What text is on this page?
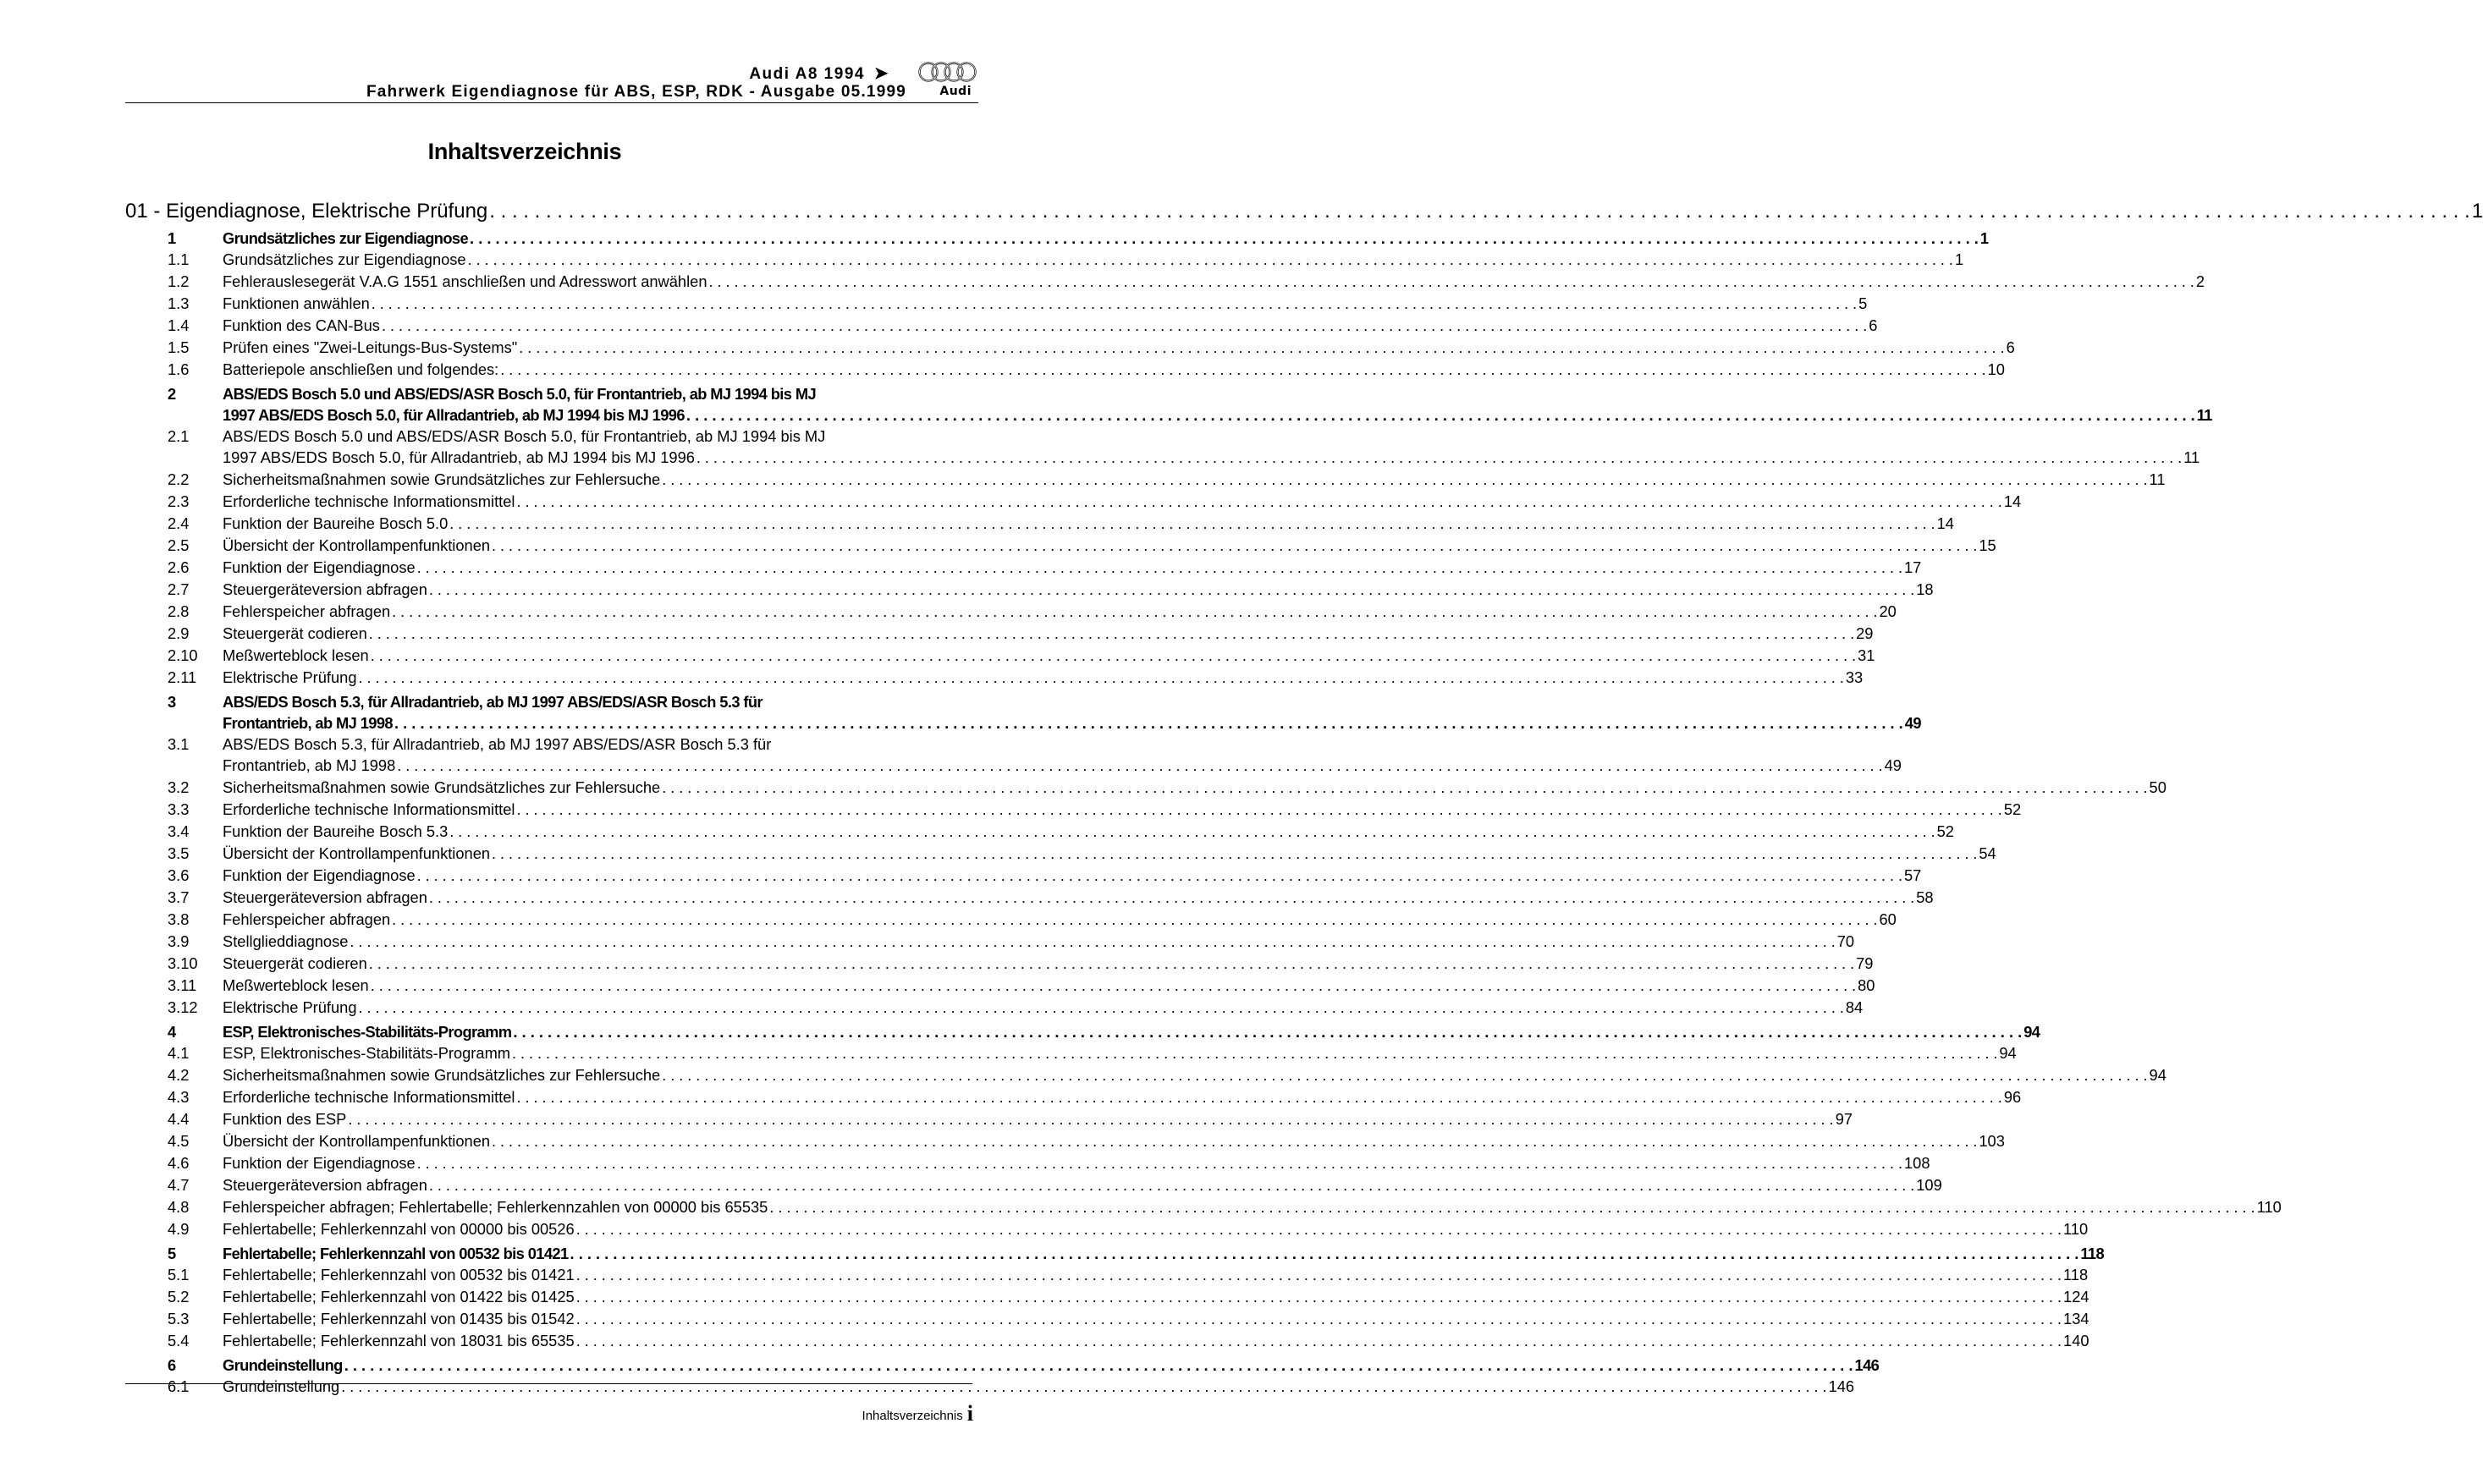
Audi A8 1994 ➤
Fahrwerk Eigendiagnose für ABS, ESP, RDK - Ausgabe 05.1999	Audi
Inhaltsverzeichnis
01 - Eigendiagnose, Elektrische Prüfung . . .	1
1	Grundsätzliches zur Eigendiagnose . . .	1
1.1	Grundsätzliches zur Eigendiagnose . . .	1
1.2	Fehlerauslesegerät V.A.G 1551 anschließen und Adresswort anwählen . . .	2
1.3	Funktionen anwählen . . .	5
1.4	Funktion des CAN-Bus . . .	6
1.5	Prüfen eines "Zwei-Leitungs-Bus-Systems" . . .	6
1.6	Batteriepole anschließen und folgendes: . . .	10
2	ABS/EDS Bosch 5.0 und ABS/EDS/ASR Bosch 5.0, für Frontantrieb, ab MJ 1994 bis MJ
1997 ABS/EDS Bosch 5.0, für Allradantrieb, ab MJ 1994 bis MJ 1996 . . .	11
2.1	ABS/EDS Bosch 5.0 und ABS/EDS/ASR Bosch 5.0, für Frontantrieb, ab MJ 1994 bis MJ
1997 ABS/EDS Bosch 5.0, für Allradantrieb, ab MJ 1994 bis MJ 1996 . . .	11
2.2	Sicherheitsmaßnahmen sowie Grundsätzliches zur Fehlersuche . . .	11
2.3	Erforderliche technische Informationsmittel . . .	14
2.4	Funktion der Baureihe Bosch 5.0 . . .	14
2.5	Übersicht der Kontrollampenfunktionen . . .	15
2.6	Funktion der Eigendiagnose . . .	17
2.7	Steuergeräteversion abfragen . . .	18
2.8	Fehlerspeicher abfragen . . .	20
2.9	Steuergerät codieren . . .	29
2.10	Meßwerteblock lesen . . .	31
2.11	Elektrische Prüfung . . .	33
3	ABS/EDS Bosch 5.3, für Allradantrieb, ab MJ 1997 ABS/EDS/ASR Bosch 5.3 für
Frontantrieb, ab MJ 1998 . . .	49
3.1	ABS/EDS Bosch 5.3, für Allradantrieb, ab MJ 1997 ABS/EDS/ASR Bosch 5.3 für
Frontantrieb, ab MJ 1998 . . .	49
3.2	Sicherheitsmaßnahmen sowie Grundsätzliches zur Fehlersuche . . .	50
3.3	Erforderliche technische Informationsmittel . . .	52
3.4	Funktion der Baureihe Bosch 5.3 . . .	52
3.5	Übersicht der Kontrollampenfunktionen . . .	54
3.6	Funktion der Eigendiagnose . . .	57
3.7	Steuergeräteversion abfragen . . .	58
3.8	Fehlerspeicher abfragen . . .	60
3.9	Stellglieddiagnose . . .	70
3.10	Steuergerät codieren . . .	79
3.11	Meßwerteblock lesen . . .	80
3.12	Elektrische Prüfung . . .	84
4	ESP, Elektronisches-Stabilitäts-Programm . . .	94
4.1	ESP, Elektronisches-Stabilitäts-Programm . . .	94
4.2	Sicherheitsmaßnahmen sowie Grundsätzliches zur Fehlersuche . . .	94
4.3	Erforderliche technische Informationsmittel . . .	96
4.4	Funktion des ESP . . .	97
4.5	Übersicht der Kontrollampenfunktionen . . .	103
4.6	Funktion der Eigendiagnose . . .	108
4.7	Steuergeräteversion abfragen . . .	109
4.8	Fehlerspeicher abfragen; Fehlertabelle; Fehlerkennzahlen von 00000 bis 65535 . . .	110
4.9	Fehlertabelle; Fehlerkennzahl von 00000 bis 00526 . . .	110
5	Fehlertabelle; Fehlerkennzahl von 00532 bis 01421 . . .	118
5.1	Fehlertabelle; Fehlerkennzahl von 00532 bis 01421 . . .	118
5.2	Fehlertabelle; Fehlerkennzahl von 01422 bis 01425 . . .	124
5.3	Fehlertabelle; Fehlerkennzahl von 01435 bis 01542 . . .	134
5.4	Fehlertabelle; Fehlerkennzahl von 18031 bis 65535 . . .	140
6	Grundeinstellung . . .	146
6.1	Grundeinstellung . . .	146
Inhaltsverzeichnis i
